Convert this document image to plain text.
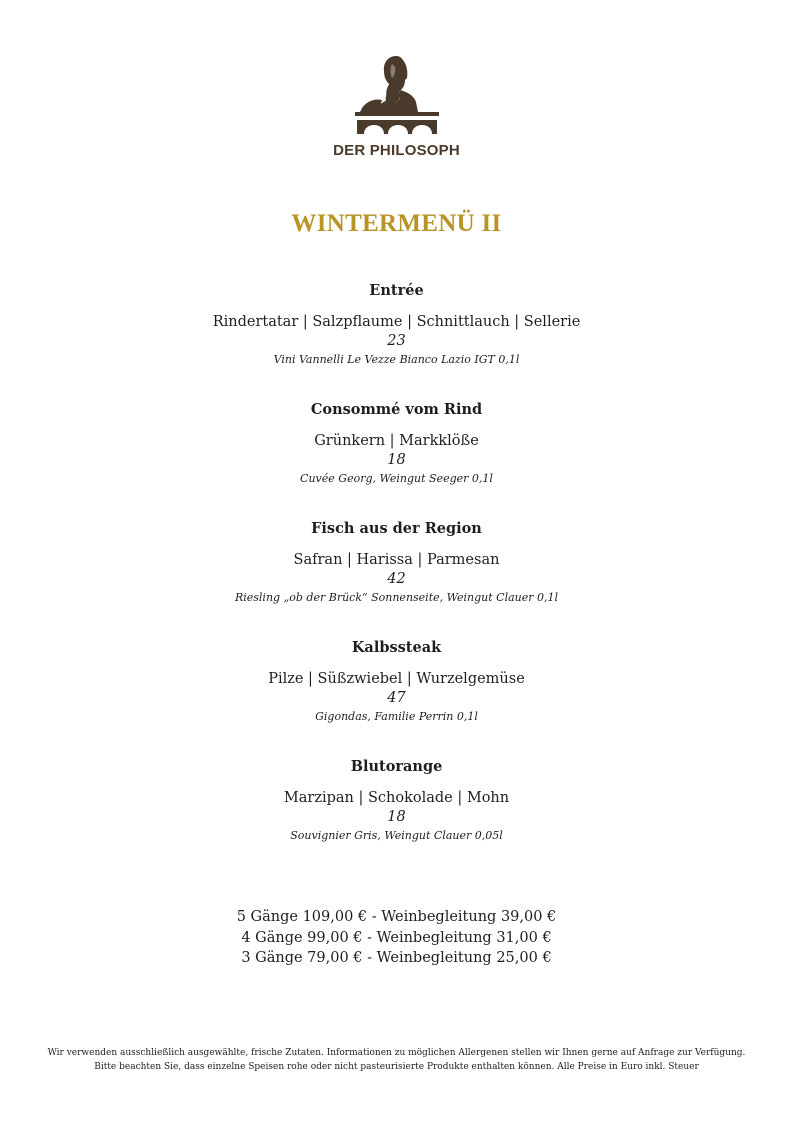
DER PHILOSOPH
WINTERMENÜ II
Entrée
Rindertatar | Salzpflaume | Schnittlauch | Sellerie
23
Vini Vannelli Le Vezze Bianco Lazio IGT 0,1l
Consommé vom Rind
Grünkern | Markklöße
18
Cuvée Georg, Weingut Seeger 0,1l
Fisch aus der Region
Safran | Harissa | Parmesan
42
Riesling „ob der Brück“ Sonnenseite, Weingut Clauer 0,1l
Kalbssteak
Pilze | Süßzwiebel | Wurzelgemüse
47
Gigondas, Familie Perrin 0,1l
Blutorange
Marzipan | Schokolade | Mohn
18
Souvignier Gris, Weingut Clauer 0,05l
5 Gänge 109,00 € - Weinbegleitung 39,00 €
4 Gänge 99,00 € - Weinbegleitung 31,00 €
3 Gänge 79,00 € - Weinbegleitung 25,00 €
Wir verwenden ausschließlich ausgewählte, frische Zutaten. Informationen zu möglichen Allergenen stellen wir Ihnen gerne auf Anfrage zur Verfügung.
Bitte beachten Sie, dass einzelne Speisen rohe oder nicht pasteurisierte Produkte enthalten können. Alle Preise in Euro inkl. Steuer
